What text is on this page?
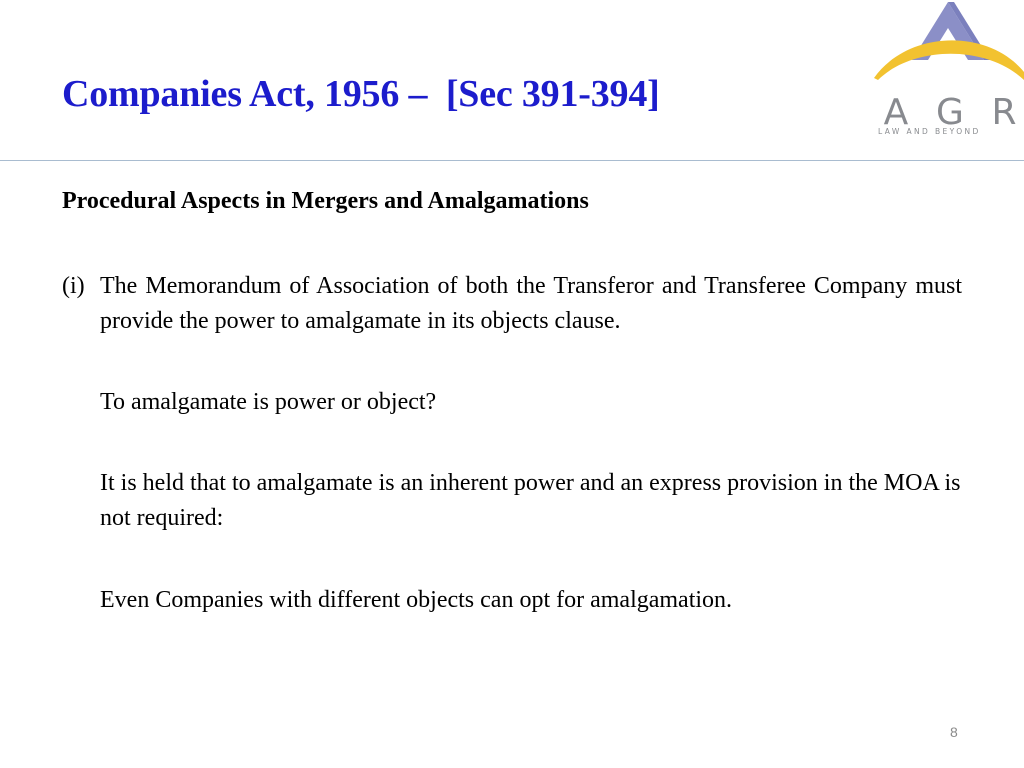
Companies Act, 1956 –  [Sec 391-394]	A G R
LAW AND BEYOND
Procedural Aspects in Mergers and Amalgamations
(i) The Memorandum of Association of both the Transferor and Transferee Company must provide the power to amalgamate in its objects clause.
To amalgamate is power or object?
It is held that to amalgamate is an inherent power and an express provision in the MOA is not required:
Even Companies with different objects can opt for amalgamation.
8
